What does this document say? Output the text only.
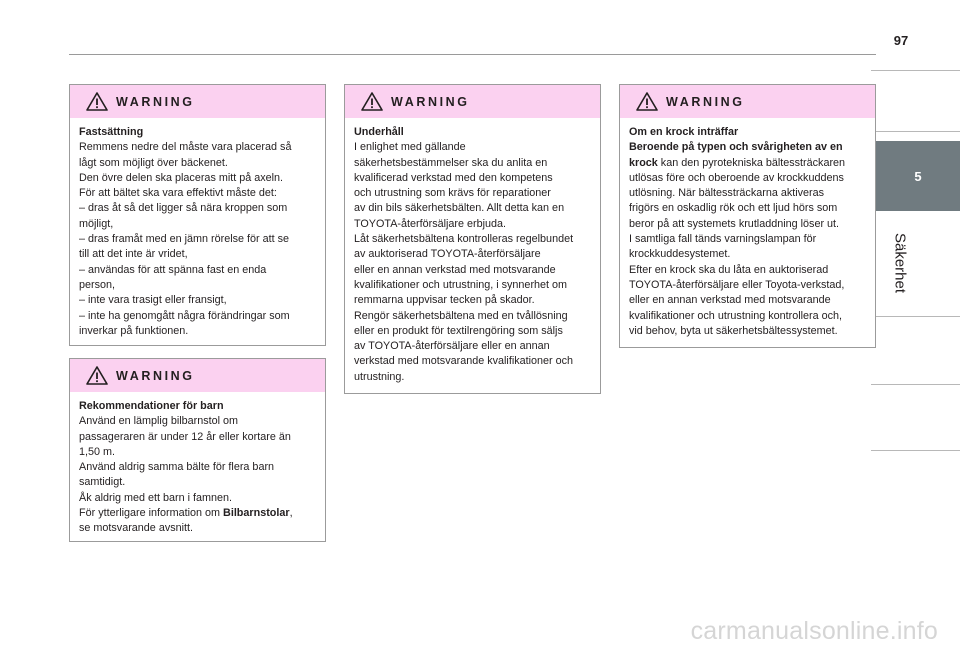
97
5
Säkerhet
WARNING

Fastsättning

Remmens nedre del måste vara placerad så

lågt som möjligt över bäckenet.

Den övre delen ska placeras mitt på axeln.

För att bältet ska vara effektivt måste det:

– dras åt så det ligger så nära kroppen som

möjligt,

– dras framåt med en jämn rörelse för att se

till att det inte är vridet,

– användas för att spänna fast en enda

person,

– inte vara trasigt eller fransigt,

– inte ha genomgått några förändringar som

inverkar på funktionen.

WARNING

Rekommendationer för barn

Använd en lämplig bilbarnstol om

passageraren är under 12 år eller kortare än

1,50 m.

Använd aldrig samma bälte för flera barn

samtidigt.

Åk aldrig med ett barn i famnen.

För ytterligare information om Bilbarnstolar,

se motsvarande avsnitt.

WARNING

Underhåll

I enlighet med gällande

säkerhetsbestämmelser ska du anlita en

kvalificerad verkstad med den kompetens

och utrustning som krävs för reparationer

av din bils säkerhetsbälten. Allt detta kan en

TOYOTA-återförsäljare erbjuda.

Låt säkerhetsbältena kontrolleras regelbundet

av auktoriserad TOYOTA-återförsäljare

eller en annan verkstad med motsvarande

kvalifikationer och utrustning, i synnerhet om

remmarna uppvisar tecken på skador.

Rengör säkerhetsbältena med en tvållösning

eller en produkt för textilrengöring som säljs

av TOYOTA-återförsäljare eller en annan

verkstad med motsvarande kvalifikationer och

utrustning.

WARNING

Om en krock inträffar

Beroende på typen och svårigheten av en

krock kan den pyrotekniska bältessträckaren

utlösas före och oberoende av krockkuddens

utlösning. När bältessträckarna aktiveras

frigörs en oskadlig rök och ett ljud hörs som

beror på att systemets krutladdning löser ut.

I samtliga fall tänds varningslampan för

krockkuddesystemet.

Efter en krock ska du låta en auktoriserad

TOYOTA-återförsäljare eller Toyota-verkstad,

eller en annan verkstad med motsvarande

kvalifikationer och utrustning kontrollera och,

vid behov, byta ut säkerhetsbältessystemet.

carmanualsonline.info
